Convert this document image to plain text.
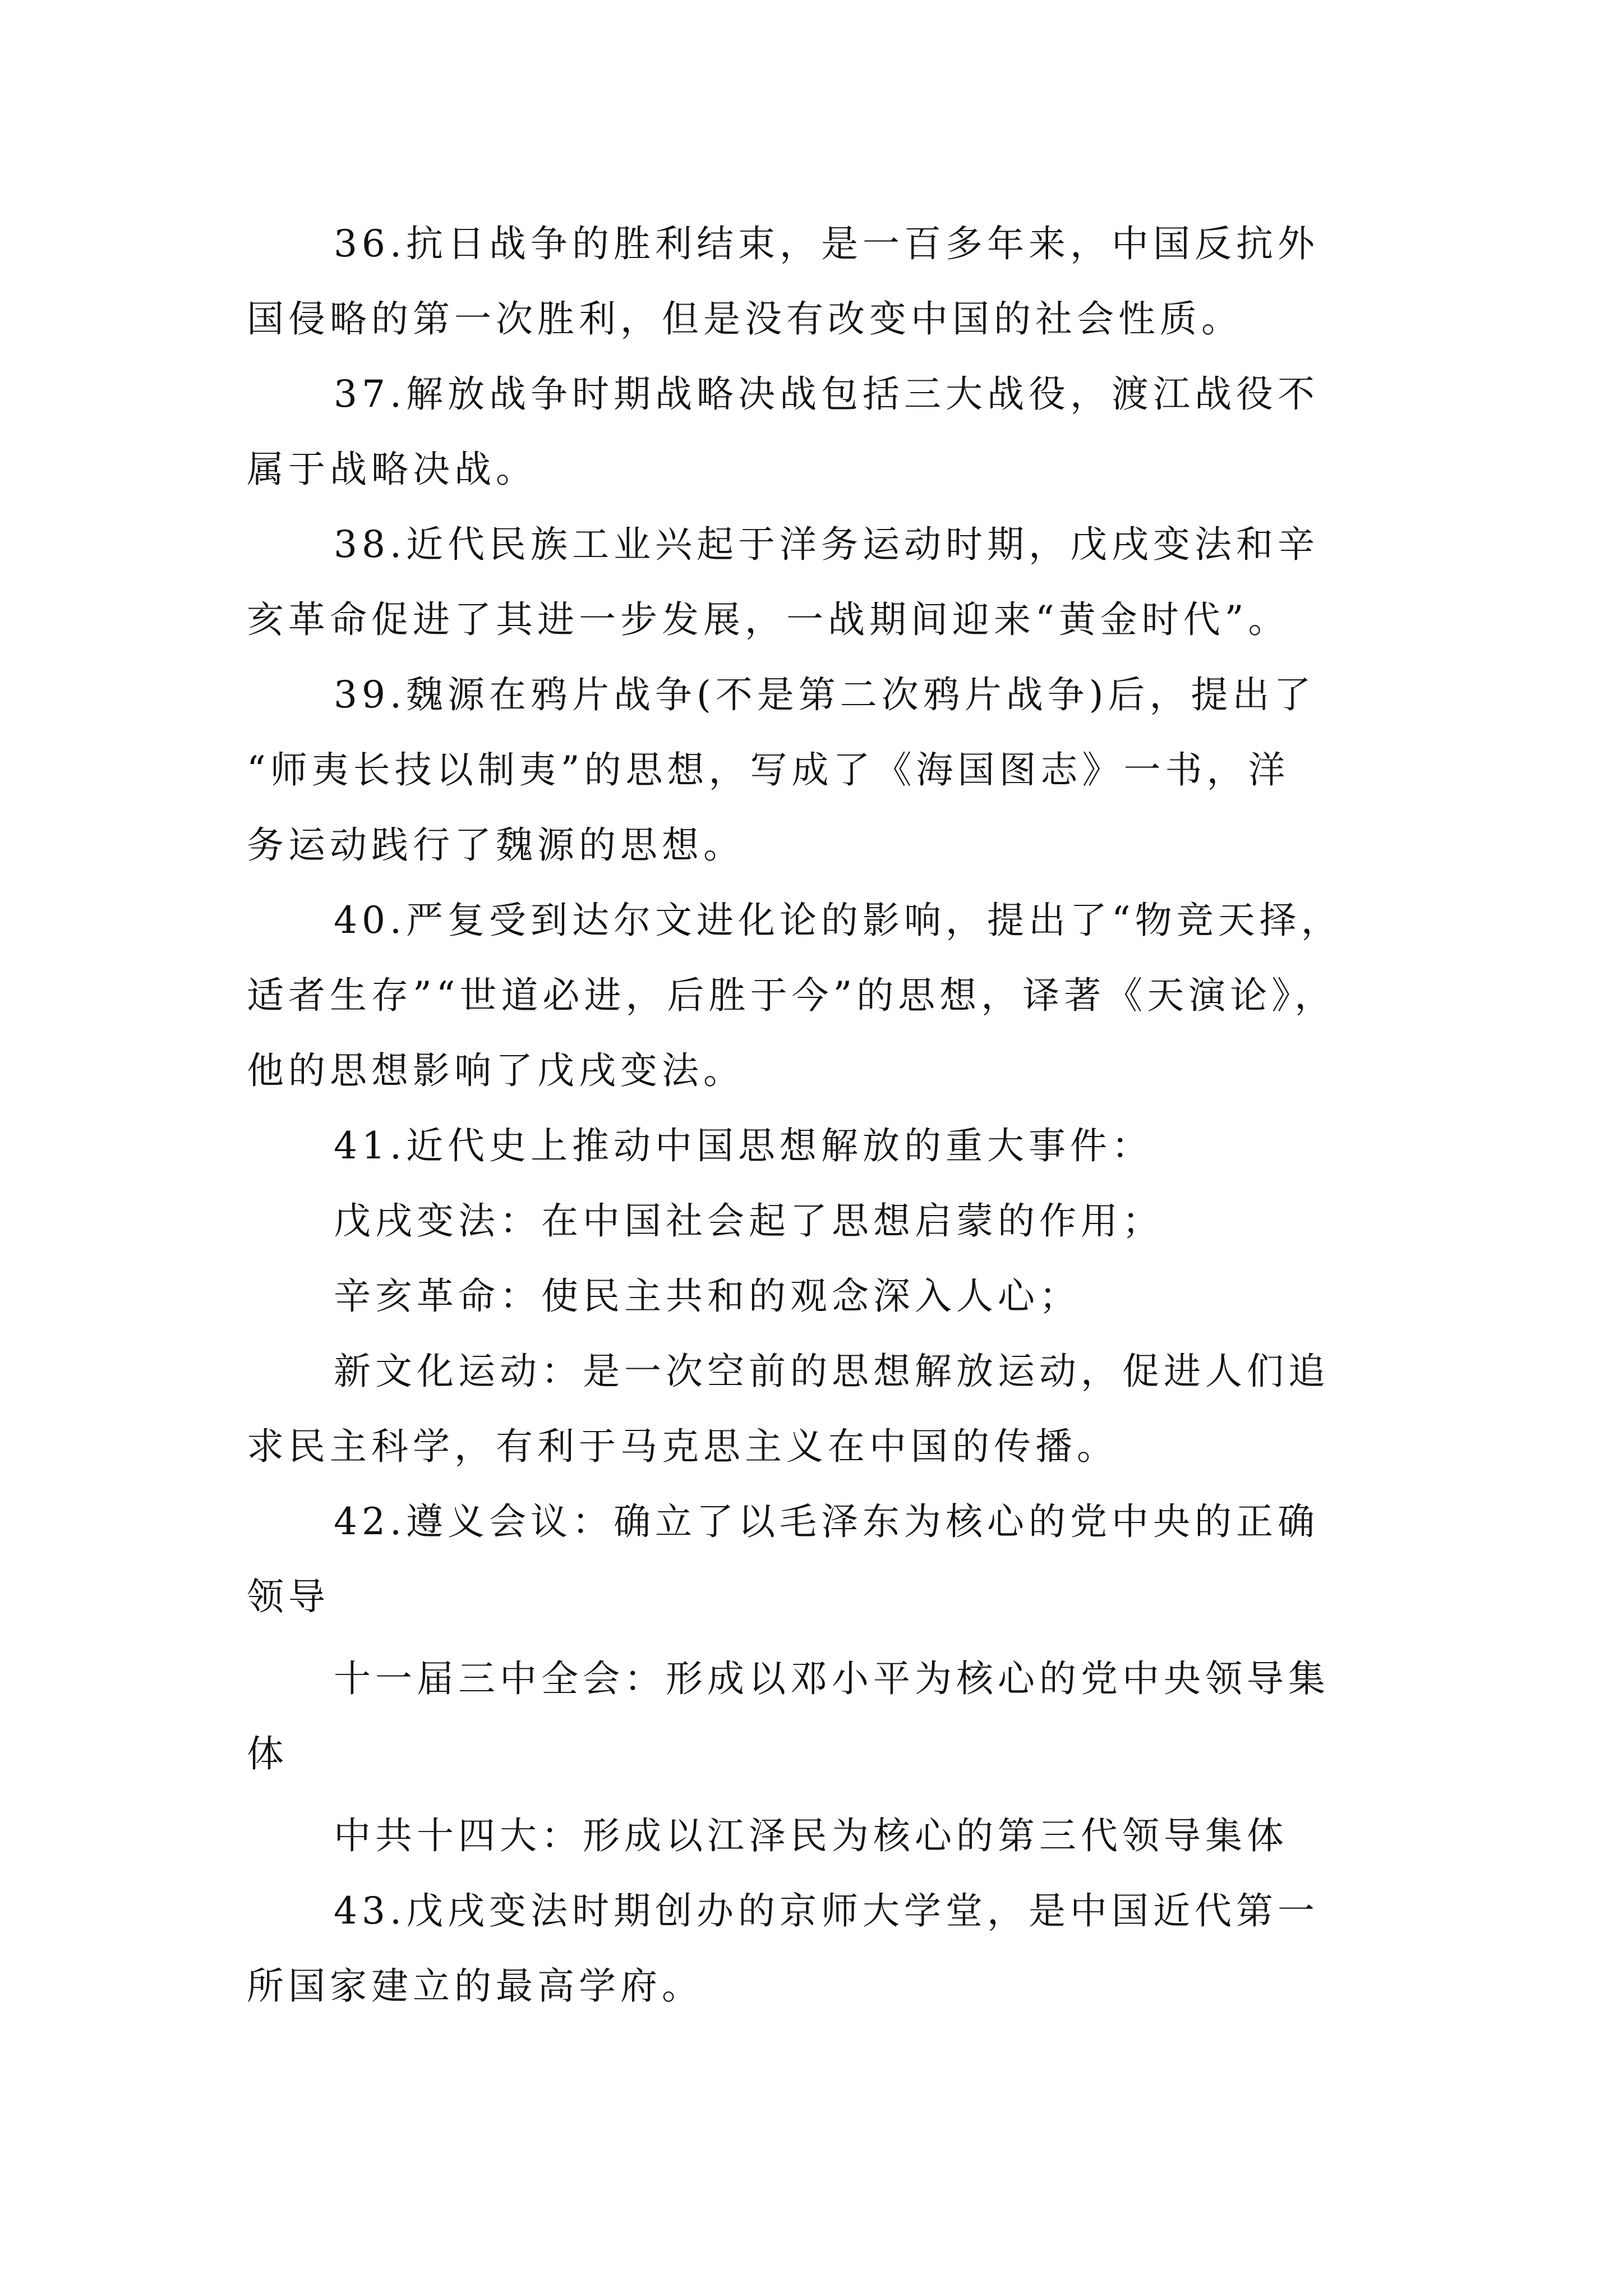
36.抗日战争的胜利结束，是一百多年来，中国反抗外
国侵略的第一次胜利，但是没有改变中国的社会性质。
37.解放战争时期战略决战包括三大战役，渡江战役不
属于战略决战。
38.近代民族工业兴起于洋务运动时期，戊戌变法和辛
亥革命促进了其进一步发展，一战期间迎来“黄金时代”。
39.魏源在鸦片战争(不是第二次鸦片战争)后，提出了
“师夷长技以制夷”的思想，写成了《海国图志》一书，洋
务运动践行了魏源的思想。
40.严复受到达尔文进化论的影响，提出了“物竞天择，
适者生存”“世道必进，后胜于今”的思想，译著《天演论》，
他的思想影响了戊戌变法。
41.近代史上推动中国思想解放的重大事件：
戊戌变法：在中国社会起了思想启蒙的作用；
辛亥革命：使民主共和的观念深入人心；
新文化运动：是一次空前的思想解放运动，促进人们追
求民主科学，有利于马克思主义在中国的传播。
42.遵义会议：确立了以毛泽东为核心的党中央的正确
领导
十一届三中全会：形成以邓小平为核心的党中央领导集
体
中共十四大：形成以江泽民为核心的第三代领导集体
43.戊戌变法时期创办的京师大学堂，是中国近代第一
所国家建立的最高学府。
